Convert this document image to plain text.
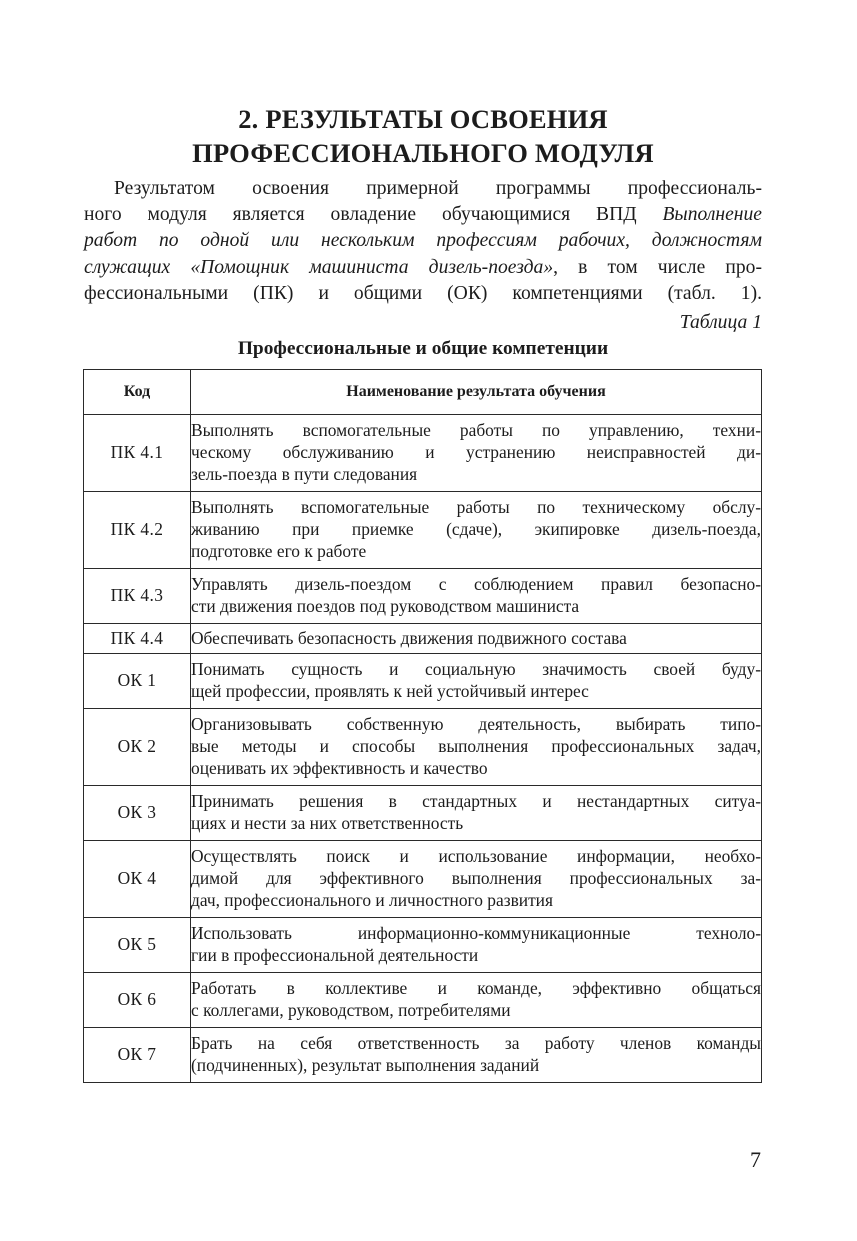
2. РЕЗУЛЬТАТЫ ОСВОЕНИЯ
ПРОФЕССИОНАЛЬНОГО МОДУЛЯ

Результатом освоения примерной программы профессиональ-
ного модуля является овладение обучающимися ВПД Выполнение
работ по одной или нескольким профессиям рабочих, должностям
служащих «Помощник машиниста дизель-поезда», в том числе про-
фессиональными (ПК) и общими (ОК) компетенциями (табл. 1).

Таблица 1

Профессиональные и общие компетенции

Код	Наименование результата обучения
ПК 4.1	Выполнять вспомогательные работы по управлению, техни-
ческому обслуживанию и устранению неисправностей ди-
зель-поезда в пути следования

ПК 4.2	Выполнять вспомогательные работы по техническому обслу-
живанию при приемке (сдаче), экипировке дизель-поезда,
подготовке его к работе

ПК 4.3	Управлять дизель-поездом с соблюдением правил безопасно-
сти движения поездов под руководством машиниста

ПК 4.4	Обеспечивать безопасность движения подвижного состава

ОК 1	Понимать сущность и социальную значимость своей буду-
щей профессии, проявлять к ней устойчивый интерес

ОК 2	Организовывать собственную деятельность, выбирать типо-
вые методы и способы выполнения профессиональных задач,
оценивать их эффективность и качество

ОК 3	Принимать решения в стандартных и нестандартных ситуа-
циях и нести за них ответственность

ОК 4	Осуществлять поиск и использование информации, необхо-
димой для эффективного выполнения профессиональных за-
дач, профессионального и личностного развития

ОК 5	Использовать информационно-коммуникационные техноло-
гии в профессиональной деятельности

ОК 6	Работать в коллективе и команде, эффективно общаться
с коллегами, руководством, потребителями

ОК 7	Брать на себя ответственность за работу членов команды
(подчиненных), результат выполнения заданий

7
